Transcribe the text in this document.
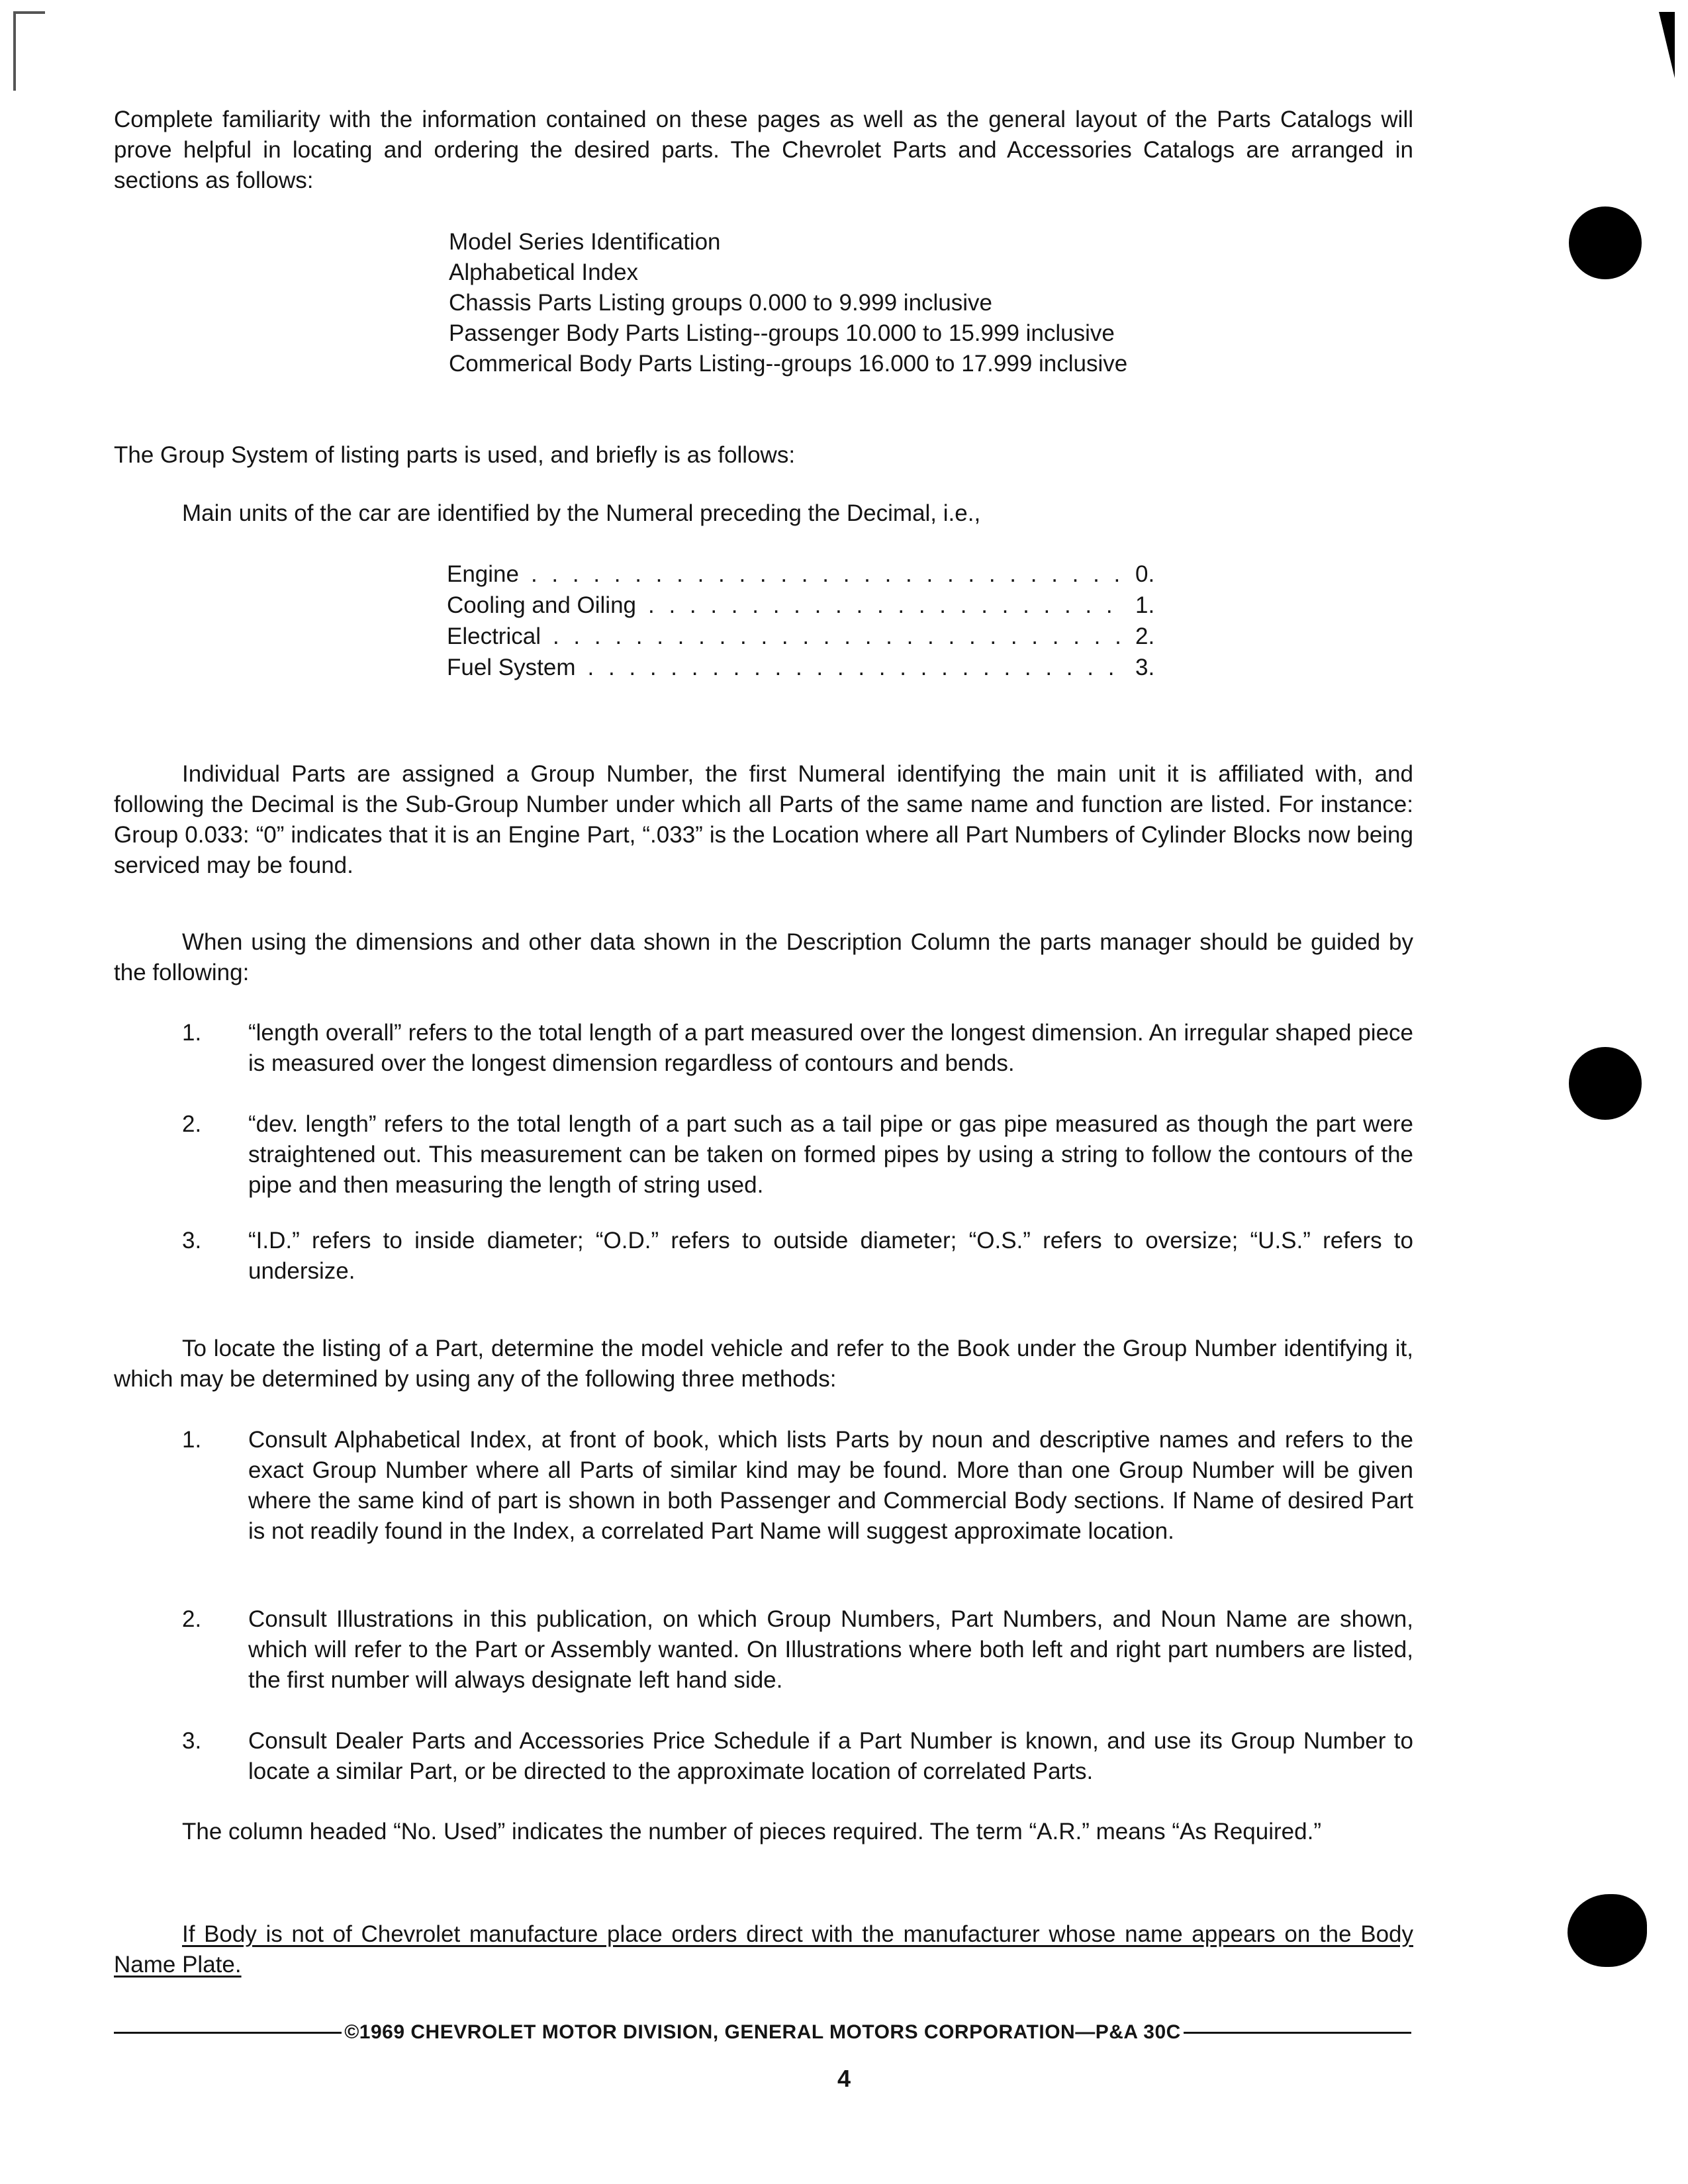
Complete familiarity with the information contained on these pages as well as the general layout of the Parts Catalogs will prove helpful in locating and ordering the desired parts. The Chevrolet Parts and Accessories Catalogs are arranged in sections as follows:
Model Series Identification
Alphabetical Index
Chassis Parts Listing groups 0.000 to 9.999 inclusive
Passenger Body Parts Listing--groups 10.000 to 15.999 inclusive
Commerical Body Parts Listing--groups 16.000 to 17.999 inclusive
The Group System of listing parts is used, and briefly is as follows:
Main units of the car are identified by the Numeral preceding the Decimal, i.e.,
Engine . . .	0.
Cooling and Oiling . . .	1.
Electrical . . .	2.
Fuel System . . .	3.
Individual Parts are assigned a Group Number, the first Numeral identifying the main unit it is affiliated with, and following the Decimal is the Sub-Group Number under which all Parts of the same name and function are listed. For instance: Group 0.033: “0” indicates that it is an Engine Part, “.033” is the Location where all Part Numbers of Cylinder Blocks now being serviced may be found.
When using the dimensions and other data shown in the Description Column the parts manager should be guided by the following:
1.	“length overall” refers to the total length of a part measured over the longest dimension. An irregular shaped piece is measured over the longest dimension regardless of contours and bends.
2.	“dev. length” refers to the total length of a part such as a tail pipe or gas pipe measured as though the part were straightened out. This measurement can be taken on formed pipes by using a string to follow the contours of the pipe and then measuring the length of string used.
3.	“I.D.” refers to inside diameter; “O.D.” refers to outside diameter; “O.S.” refers to oversize; “U.S.” refers to undersize.
To locate the listing of a Part, determine the model vehicle and refer to the Book under the Group Number identifying it, which may be determined by using any of the following three methods:
1.	Consult Alphabetical Index, at front of book, which lists Parts by noun and descriptive names and refers to the exact Group Number where all Parts of similar kind may be found. More than one Group Number will be given where the same kind of part is shown in both Passenger and Commercial Body sections. If Name of desired Part is not readily found in the Index, a correlated Part Name will suggest approximate location.
2.	Consult Illustrations in this publication, on which Group Numbers, Part Numbers, and Noun Name are shown, which will refer to the Part or Assembly wanted. On Illustrations where both left and right part numbers are listed, the first number will always designate left hand side.
3.	Consult Dealer Parts and Accessories Price Schedule if a Part Number is known, and use its Group Number to locate a similar Part, or be directed to the approximate location of correlated Parts.
The column headed “No. Used” indicates the number of pieces required. The term “A.R.” means “As Required.”
If Body is not of Chevrolet manufacture place orders direct with the manufacturer whose name appears on the Body Name Plate.
©1969 CHEVROLET MOTOR DIVISION, GENERAL MOTORS CORPORATION—P&A 30C
4
